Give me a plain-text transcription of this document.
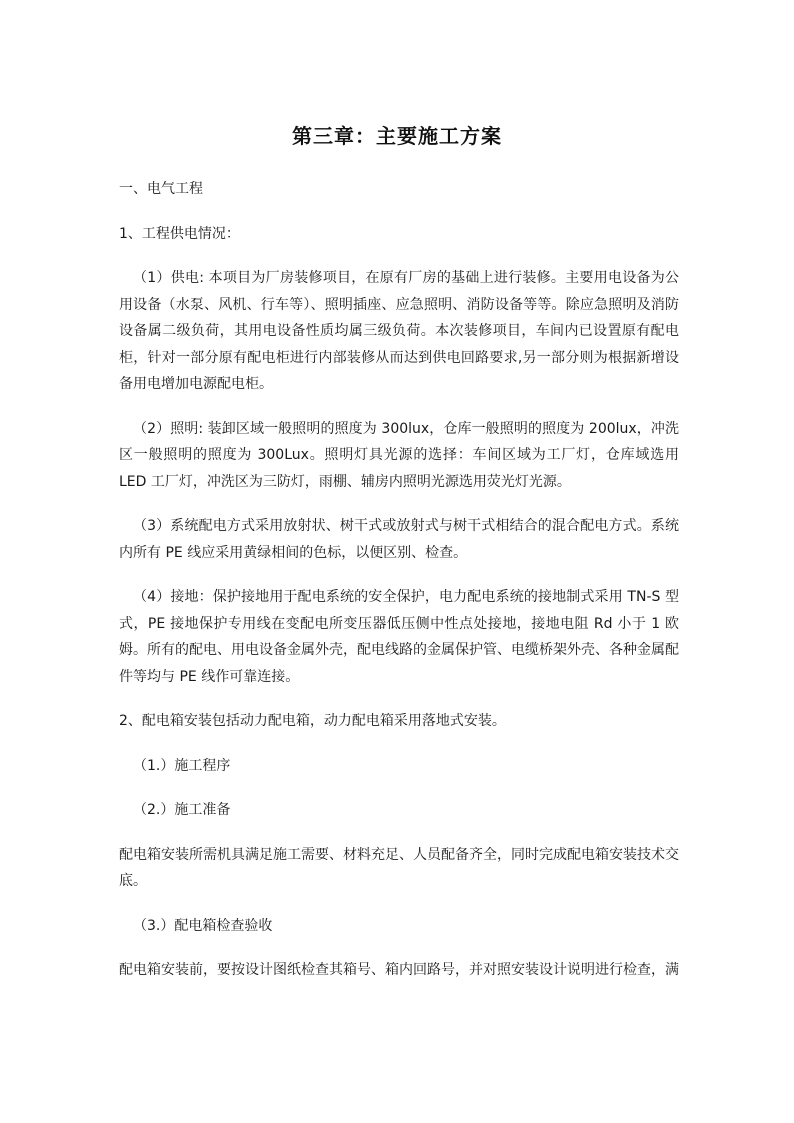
第三章：主要施工方案

一、电气工程

1、工程供电情况：

（1）供电: 本项目为厂房装修项目，在原有厂房的基础上进行装修。主要用电设备为公用设备（水泵、风机、行车等）、照明插座、应急照明、消防设备等等。除应急照明及消防设备属二级负荷，其用电设备性质均属三级负荷。本次装修项目，车间内已设置原有配电柜，针对一部分原有配电柜进行内部装修从而达到供电回路要求,另一部分则为根据新增设备用电增加电源配电柜。

（2）照明: 装卸区域一般照明的照度为 300lux，仓库一般照明的照度为 200lux，冲洗区一般照明的照度为 300Lux。照明灯具光源的选择：车间区域为工厂灯，仓库域选用 LED 工厂灯，冲洗区为三防灯，雨棚、辅房内照明光源选用荧光灯光源。

（3）系统配电方式采用放射状、树干式或放射式与树干式相结合的混合配电方式。系统内所有 PE 线应采用黄绿相间的色标，以便区别、检查。

（4）接地：保护接地用于配电系统的安全保护，电力配电系统的接地制式采用 TN-S 型式，PE 接地保护专用线在变配电所变压器低压侧中性点处接地，接地电阻 Rd 小于 1 欧姆。所有的配电、用电设备金属外壳，配电线路的金属保护管、电缆桥架外壳、各种金属配件等均与 PE 线作可靠连接。

2、配电箱安装包括动力配电箱，动力配电箱采用落地式安装。

（1.）施工程序

（2.）施工准备

配电箱安装所需机具满足施工需要、材料充足、人员配备齐全，同时完成配电箱安装技术交底。

（3.）配电箱检查验收

配电箱安装前，要按设计图纸检查其箱号、箱内回路号，并对照安装设计说明进行检查，满
